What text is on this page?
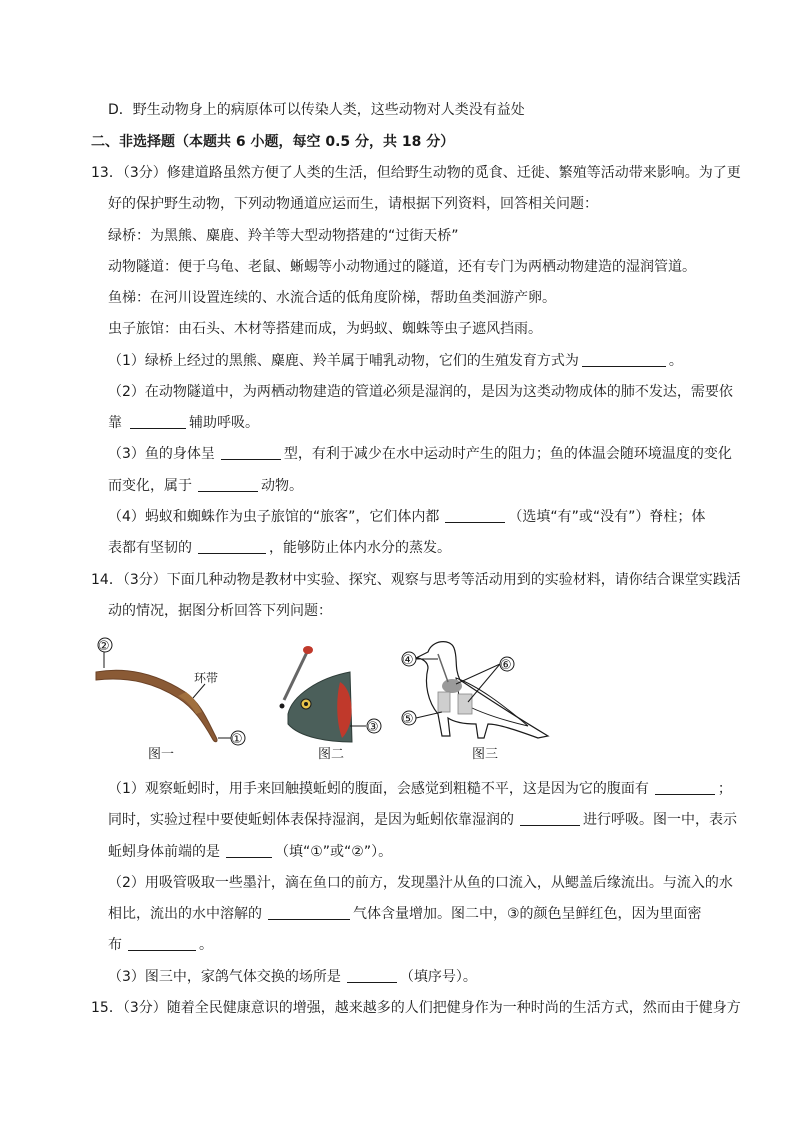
D．野生动物身上的病原体可以传染人类，这些动物对人类没有益处
二、非选择题（本题共 6 小题，每空 0.5 分，共 18 分）
13．（3分）修建道路虽然方便了人类的生活，但给野生动物的觅食、迁徙、繁殖等活动带来影响。为了更
好的保护野生动物，下列动物通道应运而生，请根据下列资料，回答相关问题：
绿桥：为黑熊、麋鹿、羚羊等大型动物搭建的“过街天桥”
动物隧道：便于乌龟、老鼠、蜥蜴等小动物通过的隧道，还有专门为两栖动物建造的湿润管道。
鱼梯：在河川设置连续的、水流合适的低角度阶梯，帮助鱼类洄游产卵。
虫子旅馆：由石头、木材等搭建而成，为蚂蚁、蜘蛛等虫子遮风挡雨。
（1）绿桥上经过的黑熊、麋鹿、羚羊属于哺乳动物，它们的生殖发育方式为	。
（2）在动物隧道中，为两栖动物建造的管道必须是湿润的，是因为这类动物成体的肺不发达，需要依
靠	辅助呼吸。
（3）鱼的身体呈	型，有利于减少在水中运动时产生的阻力；鱼的体温会随环境温度的变化
而变化，属于	动物。
（4）蚂蚁和蜘蛛作为虫子旅馆的“旅客”，它们体内都	（选填“有”或“没有”）脊柱；体
表都有坚韧的	，能够防止体内水分的蒸发。
14．（3分）下面几种动物是教材中实验、探究、观察与思考等活动用到的实验材料，请你结合课堂实践活
动的情况，据图分析回答下列问题：
环带
②
①
图一
③
图二
④	⑥
⑤
图三
（1）观察蚯蚓时，用手来回触摸蚯蚓的腹面，会感觉到粗糙不平，这是因为它的腹面有	；
同时，实验过程中要使蚯蚓体表保持湿润，是因为蚯蚓依靠湿润的	进行呼吸。图一中，表示
蚯蚓身体前端的是	（填“①”或“②”）。
（2）用吸管吸取一些墨汁，滴在鱼口的前方，发现墨汁从鱼的口流入，从鳃盖后缘流出。与流入的水
相比，流出的水中溶解的	气体含量增加。图二中，③的颜色呈鲜红色，因为里面密
布	。
（3）图三中，家鸽气体交换的场所是	（填序号）。
15．（3分）随着全民健康意识的增强，越来越多的人们把健身作为一种时尚的生活方式，然而由于健身方
